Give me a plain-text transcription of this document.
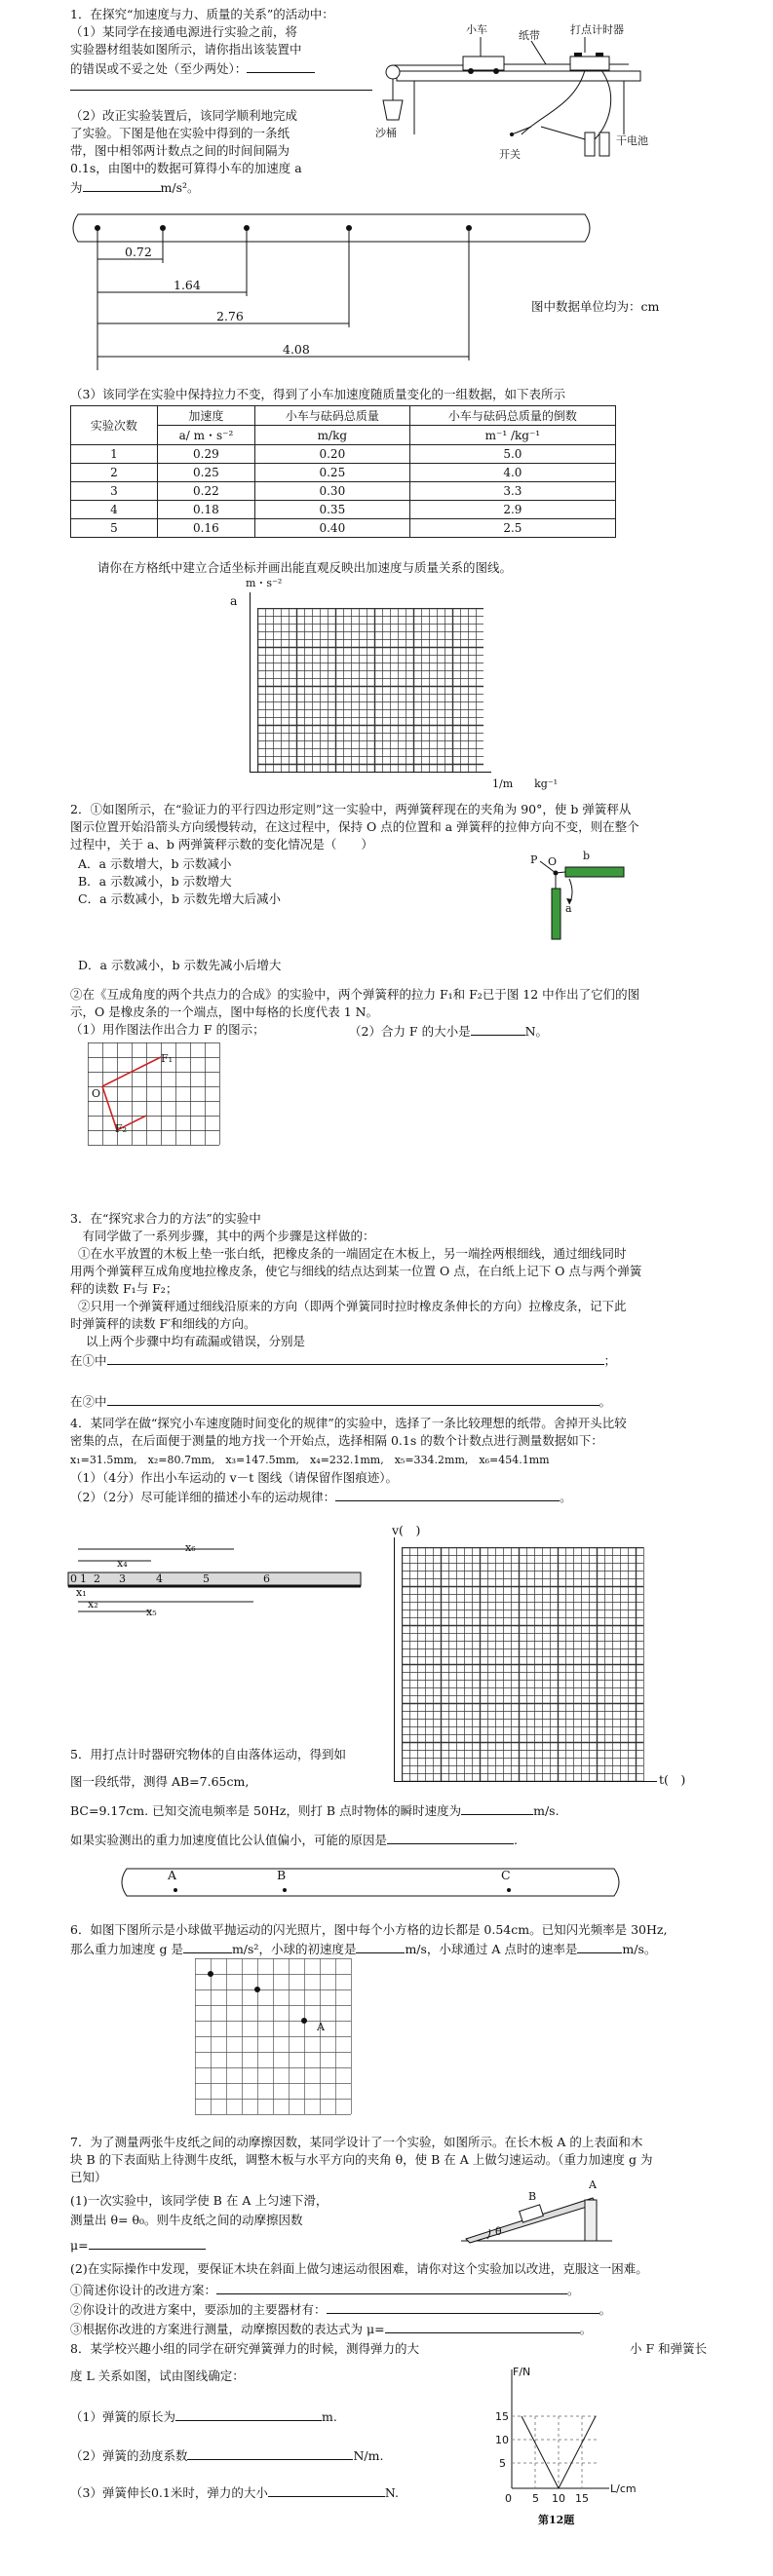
1．在探究“加速度与力、质量的关系”的活动中：
（1）某同学在接通电源进行实验之前，将
实验器材组装如图所示，请你指出该装置中
的错误或不妥之处（至少两处）：
小车	纸带	打点计时器
沙桶
开关
干电池
（2）改正实验装置后，该同学顺利地完成
了实验。下图是他在实验中得到的一条纸
带，图中相邻两计数点之间的时间间隔为
0.1s，由图中的数据可算得小车的加速度 a
为	m/s²。
0.72
1.64
2.76
4.08
图中数据单位均为：cm
（3）该同学在实验中保持拉力不变，得到了小车加速度随质量变化的一组数据，如下表所示
实验次数	加速度	小车与砝码总质量	小车与砝码总质量的倒数
	a/ m・s⁻²	m/kg	m⁻¹ /kg⁻¹
1	0.29	0.20	5.0
2	0.25	0.25	4.0
3	0.22	0.30	3.3
4	0.18	0.35	2.9
5	0.16	0.40	2.5
请你在方格纸中建立合适坐标并画出能直观反映出加速度与质量关系的图线。
m・s⁻²
a
1/m　　kg⁻¹
2．①如图所示，在“验证力的平行四边形定则”这一实验中，两弹簧秤现在的夹角为 90°，使 b 弹簧秤从
图示位置开始沿箭头方向缓慢转动，在这过程中，保持 O 点的位置和 a 弹簧秤的拉伸方向不变，则在整个
过程中，关于 a、b 两弹簧秤示数的变化情况是（　　）
A．a 示数增大，b 示数减小
B．a 示数减小，b 示数增大
C．a 示数减小，b 示数先增大后减小
D．a 示数减小，b 示数先减小后增大
P O b
a
②在《互成角度的两个共点力的合成》的实验中，两个弹簧秤的拉力 F₁和 F₂已于图 12 中作出了它们的图
示，O 是橡皮条的一个端点，图中每格的长度代表 1 N。
（1）用作图法作出合力 F 的图示；	（2）合力 F 的大小是	N。
F₁
O
F₂
3．在“探究求合力的方法”的实验中
　有同学做了一系列步骤，其中的两个步骤是这样做的：
①在水平放置的木板上垫一张白纸，把橡皮条的一端固定在木板上，另一端拴两根细线，通过细线同时
用两个弹簧秤互成角度地拉橡皮条，使它与细线的结点达到某一位置 O 点，在白纸上记下 O 点与两个弹簧
秤的读数 F₁与 F₂；
②只用一个弹簧秤通过细线沿原来的方向（即两个弹簧同时拉时橡皮条伸长的方向）拉橡皮条，记下此
时弹簧秤的读数 F′和细线的方向。
以上两个步骤中均有疏漏或错误，分别是
在①中	；
在②中	。
4．某同学在做“探究小车速度随时间变化的规律”的实验中，选择了一条比较理想的纸带。舍掉开头比较
密集的点，在后面便于测量的地方找一个开始点，选择相隔 0.1s 的数个计数点进行测量数据如下：
x₁=31.5mm,　x₂=80.7mm,　x₃=147.5mm,　x₄=232.1mm,　x₅=334.2mm,　x₆=454.1mm
（1）（4分）作出小车运动的 v－t 图线（请保留作图痕迹）。
（2）（2分）尽可能详细的描述小车的运动规律：	。
0 1 2 3	4	5	6
x₁
x₂
x₄
x₆
x₅
v(　)
t(　)
5．用打点计时器研究物体的自由落体运动，得到如
图一段纸带，测得 AB=7.65cm,
BC=9.17cm. 已知交流电频率是 50Hz，则打 B 点时物体的瞬时速度为	m/s.
如果实验测出的重力加速度值比公认值偏小，可能的原因是	.
A	B	C
6．如图下图所示是小球做平抛运动的闪光照片，图中每个小方格的边长都是 0.54cm。已知闪光频率是 30Hz,
那么重力加速度 g 是	m/s²，小球的初速度是	m/s，小球通过 A 点时的速率是	m/s。
A
7．为了测量两张牛皮纸之间的动摩擦因数，某同学设计了一个实验，如图所示。在长木板 A 的上表面和木
块 B 的下表面贴上待测牛皮纸，调整木板与水平方向的夹角 θ，使 B 在 A 上做匀速运动。（重力加速度 g 为
已知）
(1)一次实验中，该同学使 B 在 A 上匀速下滑，
测量出 θ= θ₀。则牛皮纸之间的动摩擦因数
μ=
B
A
θ
(2)在实际操作中发现，要保证木块在斜面上做匀速运动很困难，请你对这个实验加以改进，克服这一困难。
①简述你设计的改进方案：	。
②你设计的改进方案中，要添加的主要器材有：	。
③根据你改进的方案进行测量，动摩擦因数的表达式为 μ=	。
8．某学校兴趣小组的同学在研究弹簧弹力的时候，测得弹力的大	小 F 和弹簧长
度 L 关系如图，试由图线确定：
（1）弹簧的原长为	m.
（2）弹簧的劲度系数	N/m.
（3）弹簧伸长0.1米时，弹力的大小	N.
F/N
L/cm
15
10
5
0 5 10 15
第12题
